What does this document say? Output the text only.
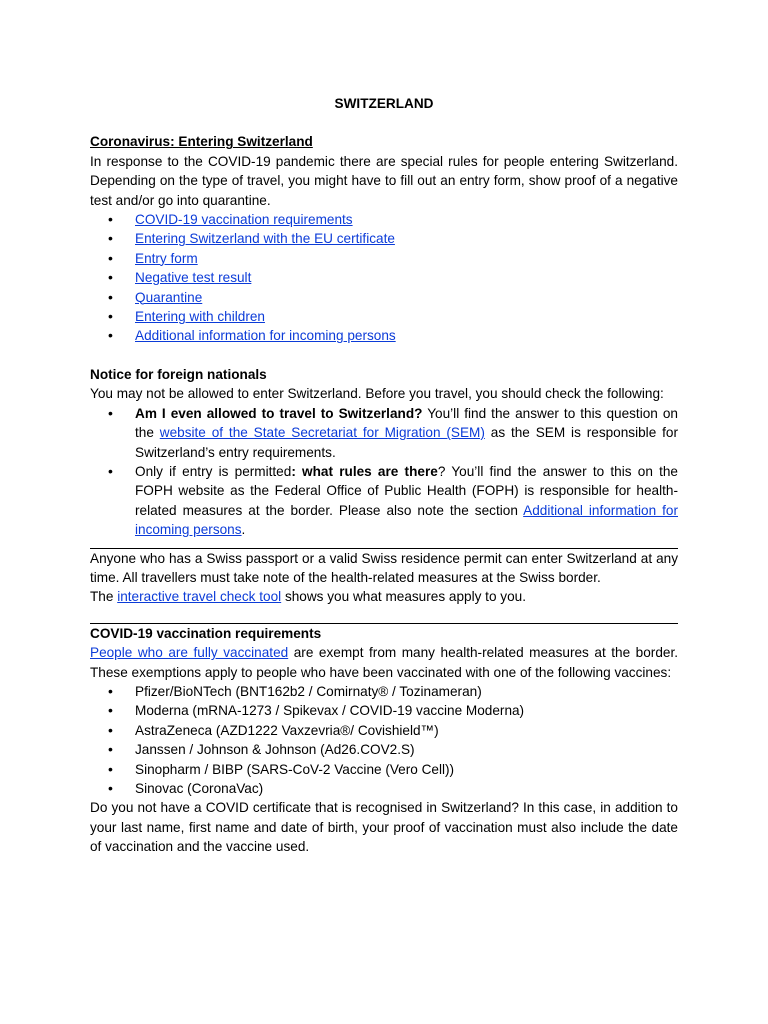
SWITZERLAND
Coronavirus: Entering Switzerland

In response to the COVID-19 pandemic there are special rules for people entering Switzerland. Depending on the type of travel, you might have to fill out an entry form, show proof of a negative test and/or go into quarantine.

• COVID-19 vaccination requirements
• Entering Switzerland with the EU certificate
• Entry form
• Negative test result
• Quarantine
• Entering with children
• Additional information for incoming persons
Notice for foreign nationals

You may not be allowed to enter Switzerland. Before you travel, you should check the following:

• Am I even allowed to travel to Switzerland? You’ll find the answer to this question on the website of the State Secretariat for Migration (SEM) as the SEM is responsible for Switzerland’s entry requirements.
• Only if entry is permitted: what rules are there? You’ll find the answer to this on the FOPH website as the Federal Office of Public Health (FOPH) is responsible for health-related measures at the border. Please also note the section Additional information for incoming persons.

Anyone who has a Swiss passport or a valid Swiss residence permit can enter Switzerland at any time. All travellers must take note of the health-related measures at the Swiss border.

The interactive travel check tool shows you what measures apply to you.

COVID-19 vaccination requirements

People who are fully vaccinated are exempt from many health-related measures at the border. These exemptions apply to people who have been vaccinated with one of the following vaccines:

• Pfizer/BioNTech (BNT162b2 / Comirnaty® / Tozinameran)
• Moderna (mRNA-1273 / Spikevax / COVID-19 vaccine Moderna)
• AstraZeneca (AZD1222 Vaxzevria®/ Covishield™)
• Janssen / Johnson & Johnson (Ad26.COV2.S)
• Sinopharm / BIBP (SARS-CoV-2 Vaccine (Vero Cell))
• Sinovac (CoronaVac)

Do you not have a COVID certificate that is recognised in Switzerland? In this case, in addition to your last name, first name and date of birth, your proof of vaccination must also include the date of vaccination and the vaccine used.
